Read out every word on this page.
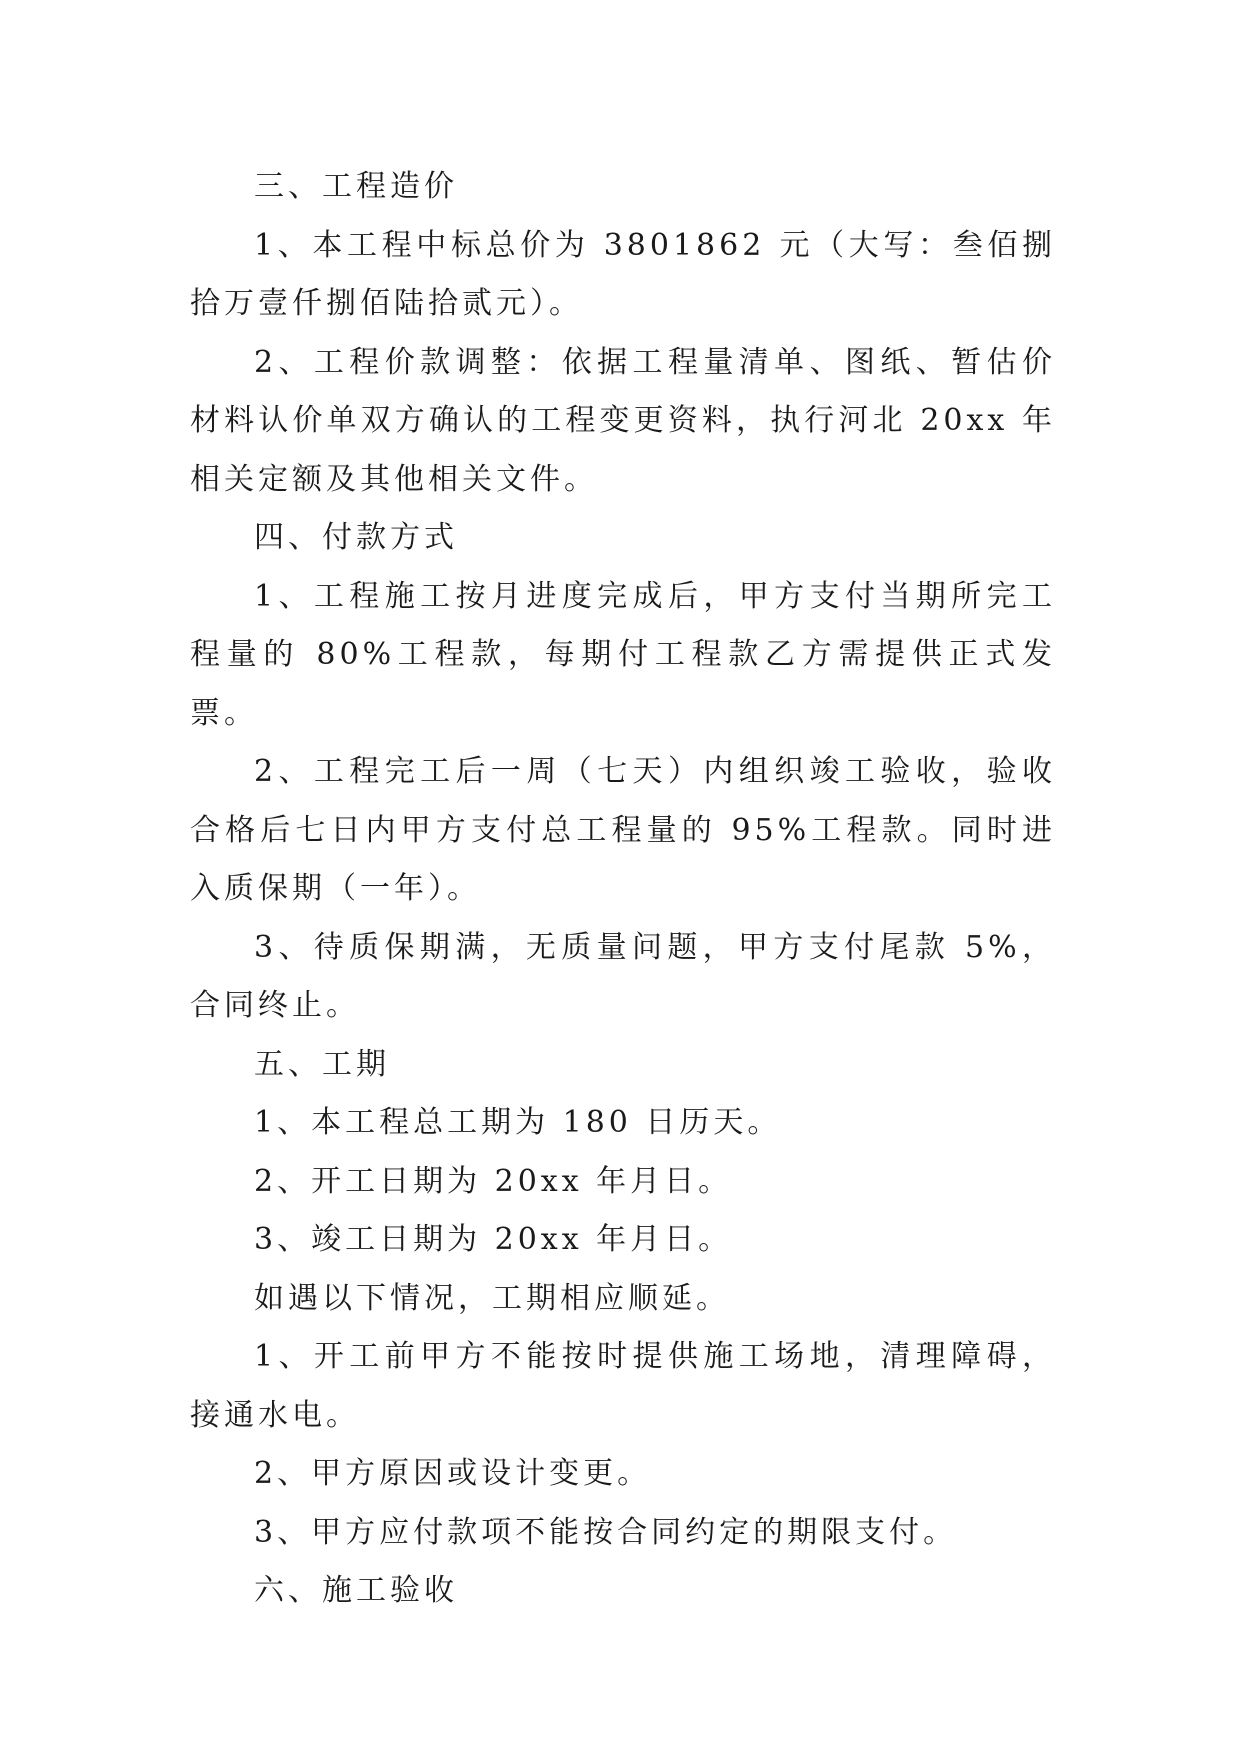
三、工程造价

1、本工程中标总价为 3801862 元（大写：叁佰捌拾万壹仟捌佰陆拾贰元）。

2、工程价款调整：依据工程量清单、图纸、暂估价材料认价单双方确认的工程变更资料，执行河北 20xx 年相关定额及其他相关文件。

四、付款方式

1、工程施工按月进度完成后，甲方支付当期所完工程量的 80%工程款，每期付工程款乙方需提供正式发票。

2、工程完工后一周（七天）内组织竣工验收，验收合格后七日内甲方支付总工程量的 95%工程款。同时进入质保期（一年）。

3、待质保期满，无质量问题，甲方支付尾款 5%，合同终止。

五、工期

1、本工程总工期为 180 日历天。

2、开工日期为 20xx 年月日。

3、竣工日期为 20xx 年月日。

如遇以下情况，工期相应顺延。

1、开工前甲方不能按时提供施工场地，清理障碍，接通水电。

2、甲方原因或设计变更。

3、甲方应付款项不能按合同约定的期限支付。

六、施工验收
